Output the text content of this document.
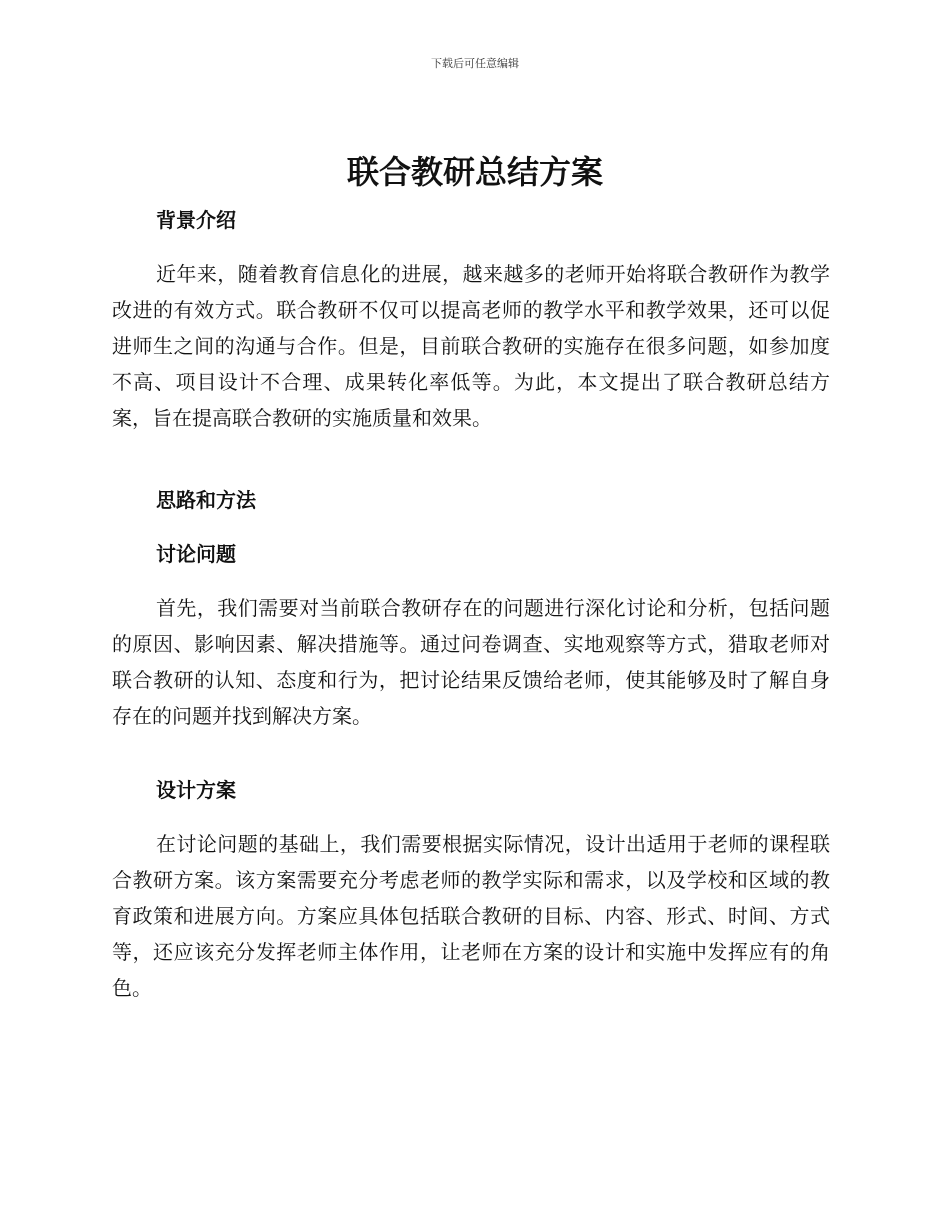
下载后可任意编辑
联合教研总结方案
背景介绍

近年来，随着教育信息化的进展，越来越多的老师开始将联合教研作为教学改进的有效方式。联合教研不仅可以提高老师的教学水平和教学效果，还可以促进师生之间的沟通与合作。但是，目前联合教研的实施存在很多问题，如参加度不高、项目设计不合理、成果转化率低等。为此，本文提出了联合教研总结方案，旨在提高联合教研的实施质量和效果。

思路和方法
讨论问题

首先，我们需要对当前联合教研存在的问题进行深化讨论和分析，包括问题的原因、影响因素、解决措施等。通过问卷调查、实地观察等方式，猎取老师对联合教研的认知、态度和行为，把讨论结果反馈给老师，使其能够及时了解自身存在的问题并找到解决方案。

设计方案

在讨论问题的基础上，我们需要根据实际情况，设计出适用于老师的课程联合教研方案。该方案需要充分考虑老师的教学实际和需求，以及学校和区域的教育政策和进展方向。方案应具体包括联合教研的目标、内容、形式、时间、方式等，还应该充分发挥老师主体作用，让老师在方案的设计和实施中发挥应有的角色。
